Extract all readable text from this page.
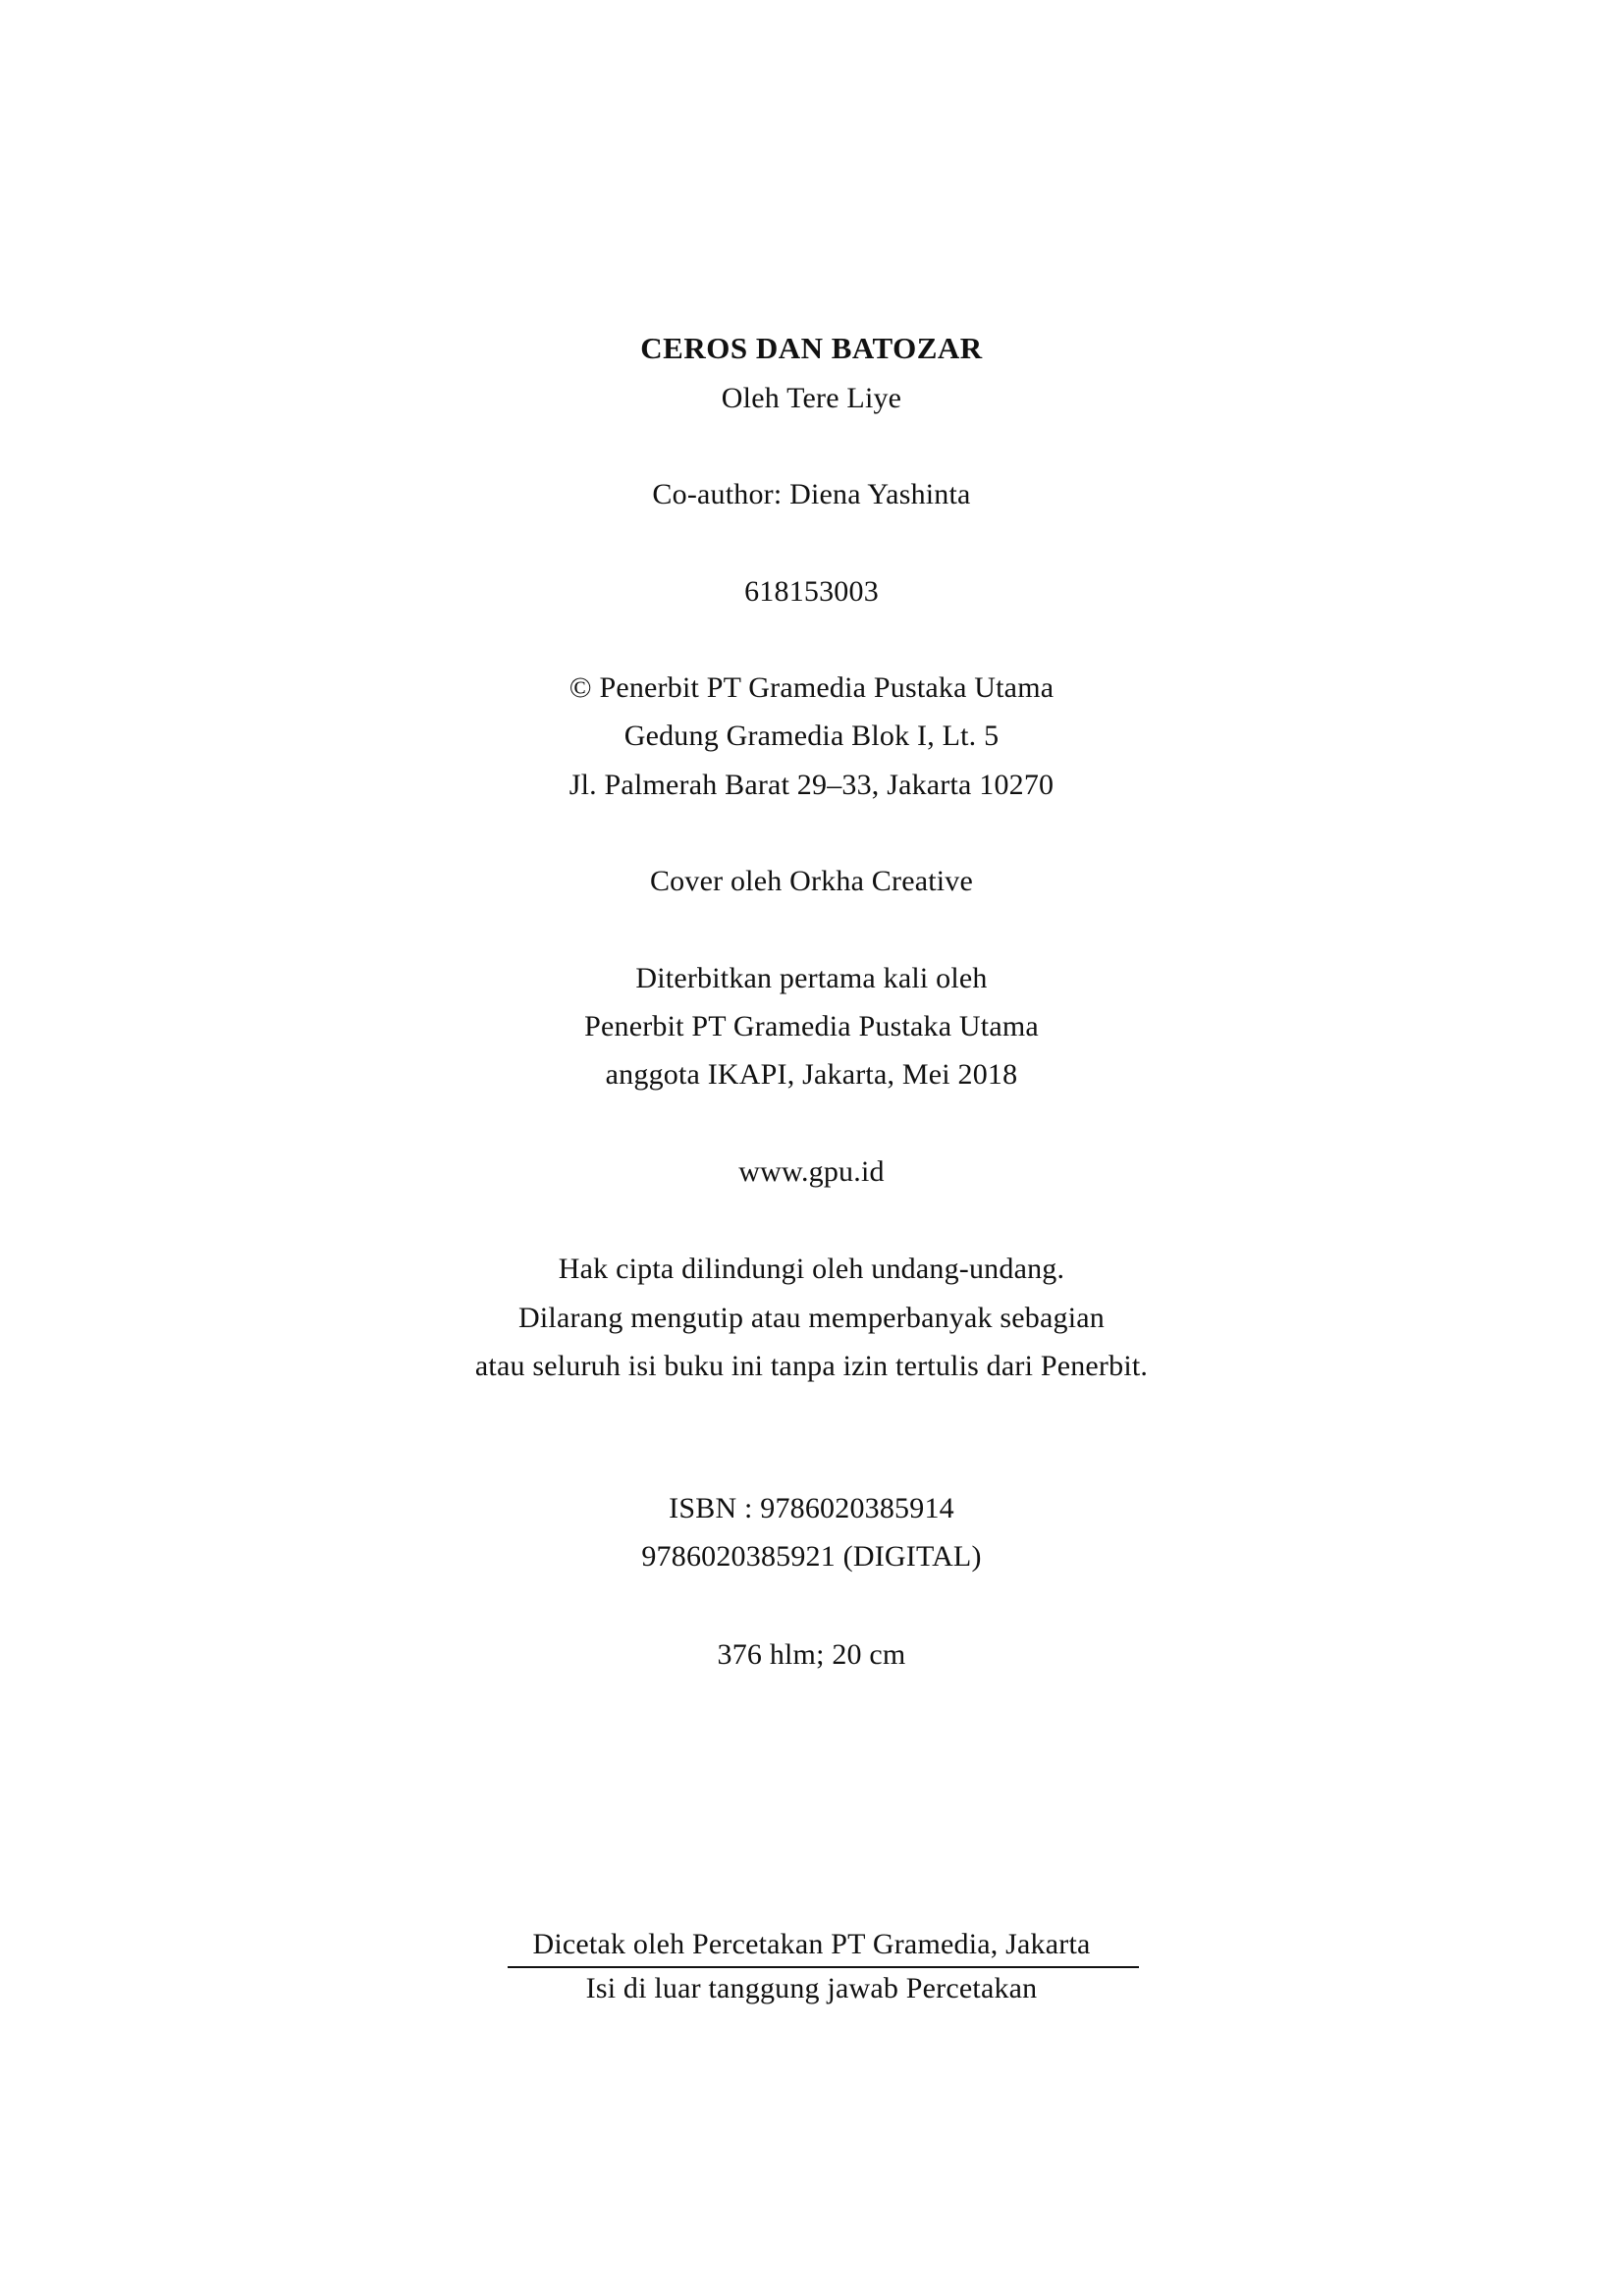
CEROS DAN BATOZAR
Oleh Tere Liye
Co-author: Diena Yashinta
618153003
© Penerbit PT Gramedia Pustaka Utama
Gedung Gramedia Blok I, Lt. 5
Jl. Palmerah Barat 29–33, Jakarta 10270
Cover oleh Orkha Creative
Diterbitkan pertama kali oleh
Penerbit PT Gramedia Pustaka Utama
anggota IKAPI, Jakarta, Mei 2018
www.gpu.id
Hak cipta dilindungi oleh undang-undang.
Dilarang mengutip atau memperbanyak sebagian
atau seluruh isi buku ini tanpa izin tertulis dari Penerbit.
ISBN : 9786020385914
9786020385921 (DIGITAL)
376 hlm; 20 cm
Dicetak oleh Percetakan PT Gramedia, Jakarta
Isi di luar tanggung jawab Percetakan
